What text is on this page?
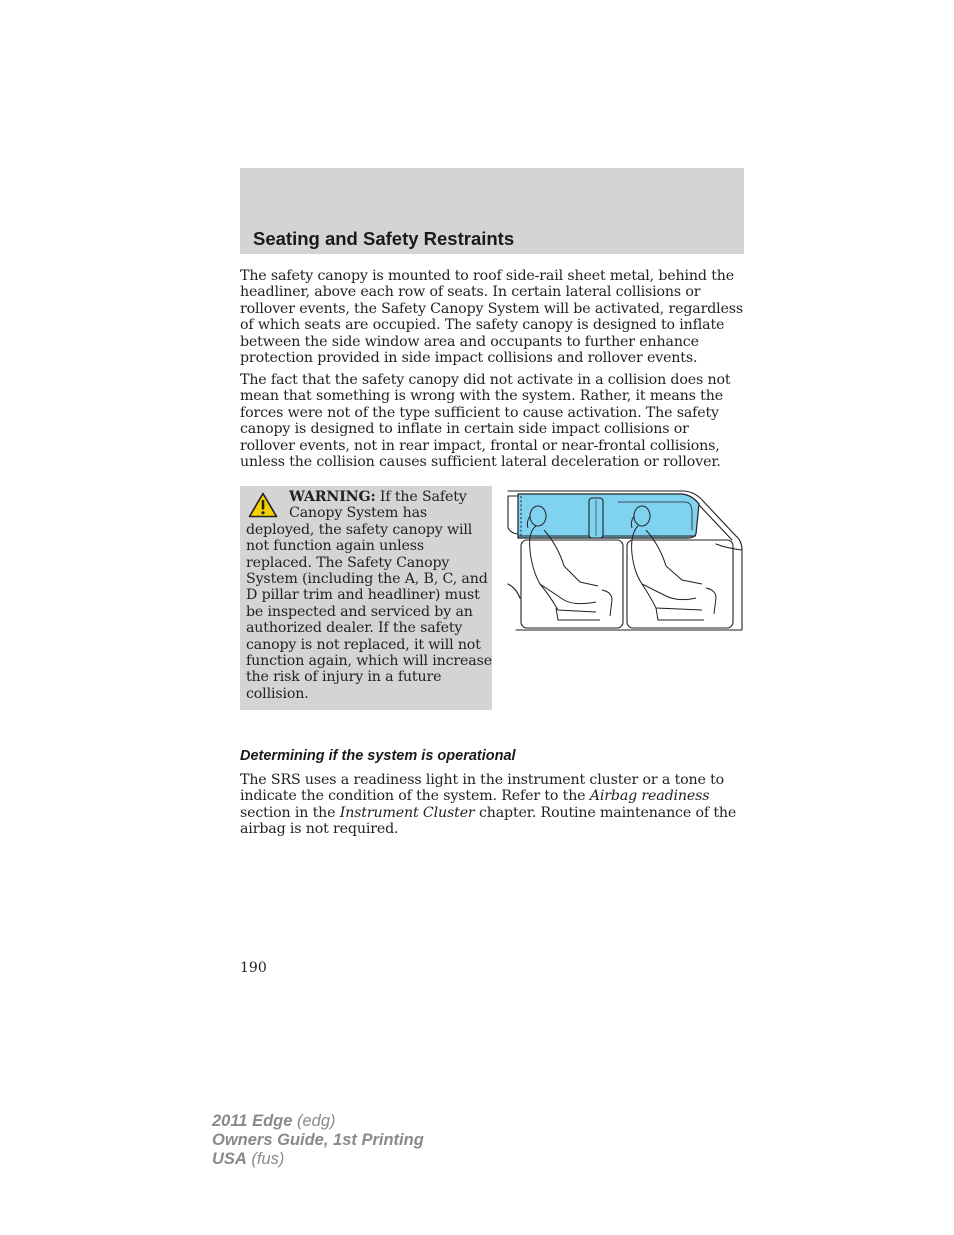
Seating and Safety Restraints

The safety canopy is mounted to roof side-rail sheet metal, behind the headliner, above each row of seats. In certain lateral collisions or rollover events, the Safety Canopy System will be activated, regardless of which seats are occupied. The safety canopy is designed to inflate between the side window area and occupants to further enhance protection provided in side impact collisions and rollover events.

The fact that the safety canopy did not activate in a collision does not mean that something is wrong with the system. Rather, it means the forces were not of the type sufficient to cause activation. The safety canopy is designed to inflate in certain side impact collisions or rollover events, not in rear impact, frontal or near-frontal collisions, unless the collision causes sufficient lateral deceleration or rollover.

WARNING: If the Safety Canopy System has deployed, the safety canopy will not function again unless replaced. The Safety Canopy System (including the A, B, C, and D pillar trim and headliner) must be inspected and serviced by an authorized dealer. If the safety canopy is not replaced, it will not function again, which will increase the risk of injury in a future collision.

Determining if the system is operational

The SRS uses a readiness light in the instrument cluster or a tone to indicate the condition of the system. Refer to the Airbag readiness section in the Instrument Cluster chapter. Routine maintenance of the airbag is not required.

190
2011 Edge (edg)
Owners Guide, 1st Printing
USA (fus)
